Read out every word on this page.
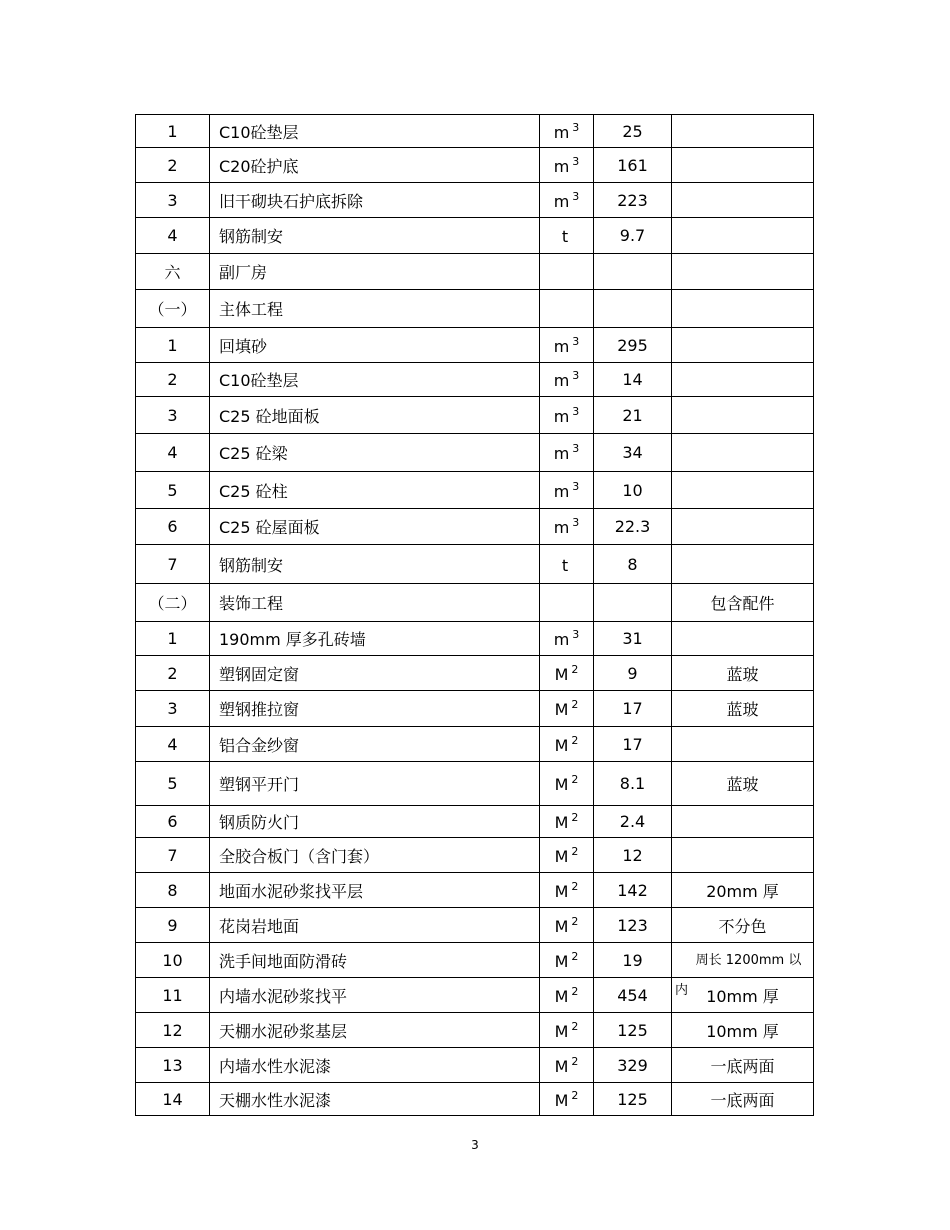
1	C10砼垫层	m $^3$	25	
2	C20砼护底	m $^3$	161	
3	旧干砌块石护底拆除	m $^3$	223	
4	钢筋制安	t	9.7	
六	副厂房			
（一）	主体工程			
1	回填砂	m $^3$	295	
2	C10砼垫层	m $^3$	14	
3	C25 砼地面板	m $^3$	21	
4	C25 砼梁	m $^3$	34	
5	C25 砼柱	m $^3$	10	
6	C25 砼屋面板	m $^3$	22.3	
7	钢筋制安	t	8	
（二）	装饰工程			包含配件
1	190mm 厚多孔砖墙	m $^3$	31	
2	塑钢固定窗	M $^2$	9	蓝玻
3	塑钢推拉窗	M $^2$	17	蓝玻
4	铝合金纱窗	M $^2$	17	
5	塑钢平开门	M $^2$	8.1	蓝玻
6	钢质防火门	M $^2$	2.4	
7	全胶合板门（含门套）	M $^2$	12	
8	地面水泥砂浆找平层	M $^2$	142	20mm 厚
9	花岗岩地面	M $^2$	123	不分色
10	洗手间地面防滑砖	M $^2$	19	周长 1200mm 以
11	内墙水泥砂浆找平	M $^2$	454	内 10mm 厚
12	天棚水泥砂浆基层	M $^2$	125	10mm 厚
13	内墙水性水泥漆	M $^2$	329	一底两面
14	天棚水性水泥漆	M $^2$	125	一底两面
3
